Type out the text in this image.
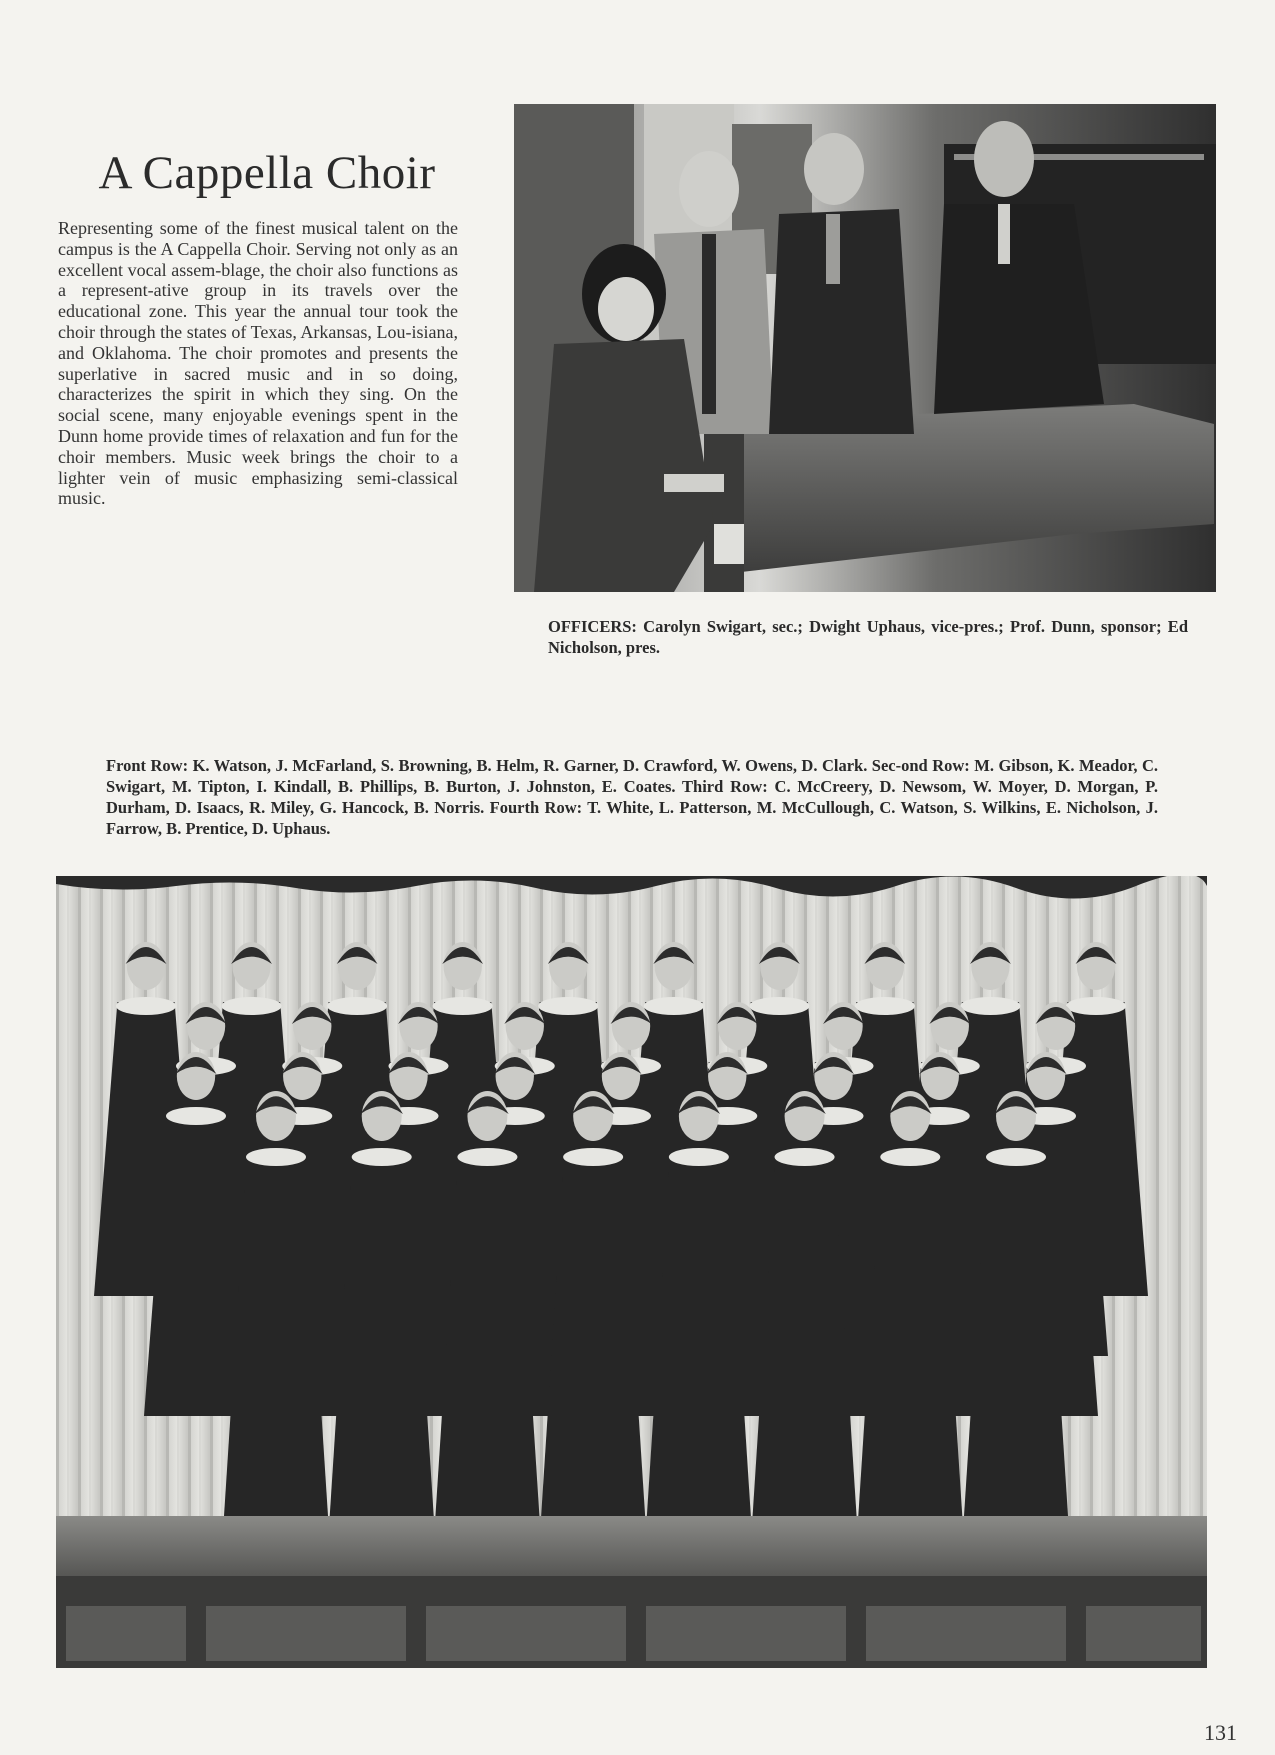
A Cappella Choir

Representing some of the finest musical talent on the campus is the A Cappella Choir. Serving not only as an excellent vocal assem-blage, the choir also functions as a represent-ative group in its travels over the educational zone. This year the annual tour took the choir through the states of Texas, Arkansas, Lou-isiana, and Oklahoma. The choir promotes and presents the superlative in sacred music and in so doing, characterizes the spirit in which they sing. On the social scene, many enjoyable evenings spent in the Dunn home provide times of relaxation and fun for the choir members. Music week brings the choir to a lighter vein of music emphasizing semi-classical music.

OFFICERS: Carolyn Swigart, sec.; Dwight Uphaus, vice-pres.; Prof. Dunn, sponsor; Ed Nicholson, pres.

Front Row: K. Watson, J. McFarland, S. Browning, B. Helm, R. Garner, D. Crawford, W. Owens, D. Clark. Sec-ond Row: M. Gibson, K. Meador, C. Swigart, M. Tipton, I. Kindall, B. Phillips, B. Burton, J. Johnston, E. Coates. Third Row: C. McCreery, D. Newsom, W. Moyer, D. Morgan, P. Durham, D. Isaacs, R. Miley, G. Hancock, B. Norris. Fourth Row: T. White, L. Patterson, M. McCullough, C. Watson, S. Wilkins, E. Nicholson, J. Farrow, B. Prentice, D. Uphaus.

131
